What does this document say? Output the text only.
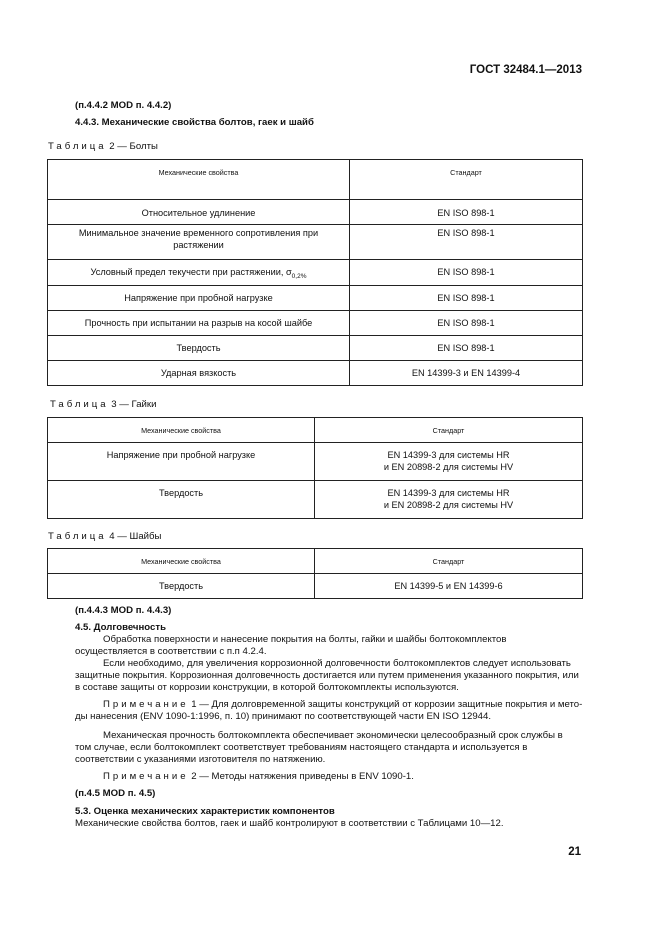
ГОСТ 32484.1—2013
(п.4.4.2 MOD п. 4.4.2)
4.4.3. Механические свойства болтов, гаек и шайб
Таблица 2 — Болты
Механические свойства	Стандарт
Относительное удлинение	EN ISO 898-1
Минимальное значение временного сопротивления при растяжении	EN ISO 898-1
Условный предел текучести при растяжении, $\sigma_{0,2\%}$	EN ISO 898-1
Напряжение при пробной нагрузке	EN ISO 898-1
Прочность при испытании на разрыв на косой шайбе	EN ISO 898-1
Твердость	EN ISO 898-1
Ударная вязкость	EN 14399-3 и EN 14399-4
Таблица 3 — Гайки
Механические свойства	Стандарт
Напряжение при пробной нагрузке	EN 14399-3 для системы HR
и EN 20898-2 для системы HV

Твердость	EN 14399-3 для системы HR
и EN 20898-2 для системы HV
Таблица 4 — Шайбы
Механические свойства	Стандарт
Твердость	EN 14399-5 и EN 14399-6
(п.4.4.3 MOD п. 4.4.3)
4.5. Долговечность
Обработка поверхности и нанесение покрытия на болты, гайки и шайбы болтокомплектов осуществляется в соответствии с п.п 4.2.4.
Если необходимо, для увеличения коррозионной долговечности болтокомплектов следует использовать защитные покрытия. Коррозионная долговечность достигается или путем применения указанного покрытия, или в составе защиты от коррозии конструкции, в которой болтокомплекты используются.
Примечание 1 — Для долговременной защиты конструкций от коррозии защитные покрытия и мето- ды нанесения (ENV 1090-1:1996, п. 10) принимают по соответствующей части EN ISO 12944.
Механическая прочность болтокомплекта обеспечивает экономически целесообразный срок службы в том случае, если болтокомплект соответствует требованиям настоящего стандарта и используется в соответствии с указаниями изготовителя по натяжению.
Примечание 2 — Методы натяжения приведены в ENV 1090-1.
(п.4.5 MOD п. 4.5)
5.3. Оценка механических характеристик компонентов
Механические свойства болтов, гаек и шайб контролируют в соответствии с Таблицами 10—12.
21
